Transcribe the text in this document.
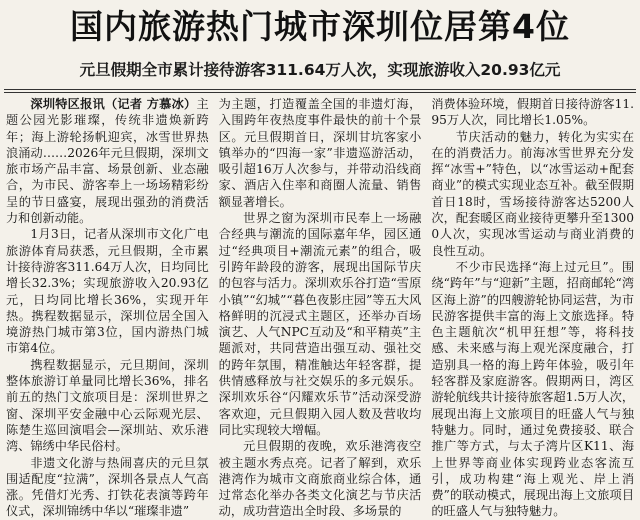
国内旅游热门城市深圳位居第4位
元旦假期全市累计接待游客311.64万人次，实现旅游收入20.93亿元

深圳特区报讯（记者 方慕冰）主题公园光影璀璨，传统非遗焕新跨年；海上游轮扬帆迎宾，冰雪世界热浪涌动……2026年元旦假期，深圳文旅市场产品丰富、场景创新、业态融合，为市民、游客奉上一场场精彩纷呈的节日盛宴，展现出强劲的消费活力和创新动能。

1月3日，记者从深圳市文化广电旅游体育局获悉，元旦假期，全市累计接待游客311.64万人次，日均同比增长32.3%；实现旅游收入20.93亿元，日均同比增长36%，实现开年热。携程数据显示，深圳位居全国入境游热门城市第3位，国内游热门城市第4位。

携程数据显示，元旦期间，深圳整体旅游订单量同比增长36%，排名前五的热门文旅项目是：深圳世界之窗、深圳平安金融中心云际观光层、陈楚生巡回演唱会—深圳站、欢乐港湾、锦绣中华民俗村。

非遗文化游与热闹喜庆的元旦氛围适配度“拉满”，深圳各景点人气高涨。凭借灯光秀、打铁花表演等跨年仪式，深圳锦绣中华以“璀璨非遗”

为主题，打造覆盖全国的非遗灯海，入围跨年夜热度事件最快的前十个景区。元旦假期首日，深圳甘坑客家小镇举办的“四海一家”非遗巡游活动，吸引超16万人次参与，并带动沿线商家、酒店入住率和商圈人流量、销售额显著增长。

世界之窗为深圳市民奉上一场融合经典与潮流的国际嘉年华，园区通过“经典项目+潮流元素”的组合，吸引跨年龄段的游客，展现出国际节庆的包容与活力。深圳欢乐谷打造“雪原小镇”“幻城”“暮色夜影庄园”等五大风格鲜明的沉浸式主题区，还举办百场演艺、人气NPC互动及“和平精英”主题派对，共同营造出强互动、强社交的跨年氛围，精准触达年轻客群，提供情感释放与社交娱乐的多元娱乐。深圳欢乐谷“闪耀欢乐节”活动深受游客欢迎，元旦假期入园人数及营收均同比实现较大增幅。

元旦假期的夜晚，欢乐港湾夜空被主题水秀点亮。记者了解到，欢乐港湾作为城市文商旅商业综合体，通过常态化举办各类文化演艺与节庆活动，成功营造出全时段、多场景的

消费体验环境，假期首日接待游客11.95万人次，同比增长1.05%。

节庆活动的魅力，转化为实实在在的消费活力。前海冰雪世界充分发挥“冰雪+”特色，以“冰雪运动+配套商业”的模式实现业态互补。截至假期首日18时，雪场接待游客达5200人次，配套暖区商业接待更攀升至13000人次，实现冰雪运动与商业消费的良性互动。

不少市民选择“海上过元旦”。围绕“跨年”与“迎新”主题，招商邮轮“湾区海上游”的四艘游轮协同运营，为市民游客提供丰富的海上文旅选择。特色主题航次“机甲狂想”等，将科技感、未来感与海上观光深度融合，打造别具一格的海上跨年体验，吸引年轻客群及家庭游客。假期两日，湾区游轮航线共计接待旅客超1.5万人次，展现出海上文旅项目的旺盛人气与独特魅力。同时，通过免费接驳、联合推广等方式，与太子湾片区K11、海上世界等商业体实现跨业态客流互引，成功构建“海上观光、岸上消费”的联动模式，展现出海上文旅项目的旺盛人气与独特魅力。
